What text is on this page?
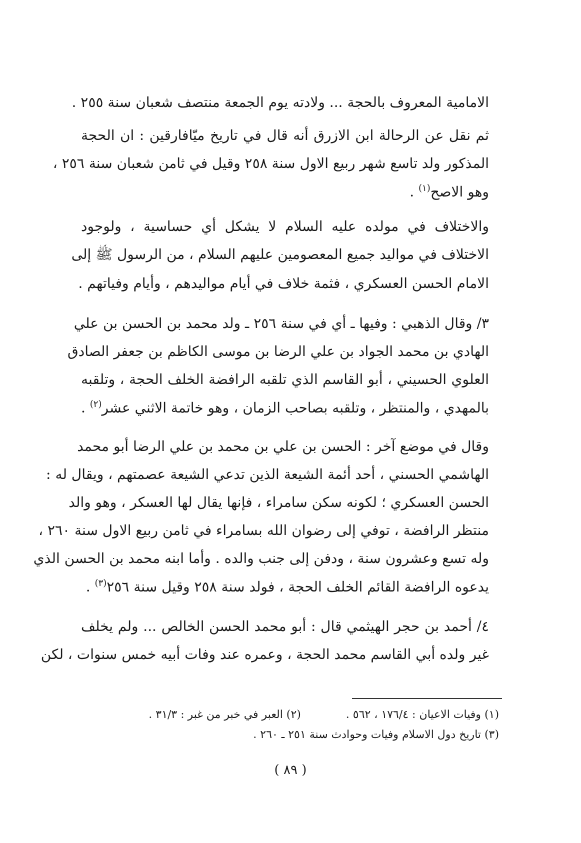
الامامية المعروف بالحجة ... ولادته يوم الجمعة منتصف شعبان سنة ٢٥٥ .
ثم نقل عن الرحالة ابن الازرق أنه قال في تاريخ ميّافارقين : ان الحجة
المذكور ولد تاسع شهر ربيع الاول سنة ٢٥٨ وقيل في ثامن شعبان سنة ٢٥٦ ،
وهو الاصح$^{(١)}$ .
والاختلاف في مولده عليه السلام لا يشكل أي حساسية ، ولوجود
الاختلاف في مواليد جميع المعصومين عليهم السلام ، من الرسول ﷺ إلى
الامام الحسن العسكري ، فثمة خلاف في أيام مواليدهم ، وأيام وفياتهم .
٣/ وقال الذهبي : وفيها ـ أي في سنة ٢٥٦ ـ ولد محمد بن الحسن بن علي
الهادي بن محمد الجواد بن علي الرضا بن موسى الكاظم بن جعفر الصادق
العلوي الحسيني ، أبو القاسم الذي تلقبه الرافضة الخلف الحجة ، وتلقبه
بالمهدي ، والمنتظر ، وتلقبه بصاحب الزمان ، وهو خاتمة الاثني عشر$^{(٢)}$ .
وقال في موضع آخر : الحسن بن علي بن محمد بن علي الرضا أبو محمد
الهاشمي الحسني ، أحد أئمة الشيعة الذين تدعي الشيعة عصمتهم ، ويقال له :
الحسن العسكري ؛ لكونه سكن سامراء ، فإنها يقال لها العسكر ، وهو والد
منتظر الرافضة ، توفي إلى رضوان الله بسامراء في ثامن ربيع الاول سنة ٢٦٠ ،
وله تسع وعشرون سنة ، ودفن إلى جنب والده . وأما ابنه محمد بن الحسن الذي
يدعوه الرافضة القائم الخلف الحجة ، فولد سنة ٢٥٨ وقيل سنة ٢٥٦$^{(٣)}$ .
٤/ أحمد بن حجر الهيثمي قال : أبو محمد الحسن الخالص ... ولم يخلف
غير ولده أبي القاسم محمد الحجة ، وعمره عند وفات أبيه خمس سنوات ، لكن
(١) وفيات الاعيان : ١٧٦/٤ ، ٥٦٢ .  (٢) العبر في خبر من غبر : ٣١/٣ .
(٣) تاريخ دول الاسلام وفيات وحوادث سنة ٢٥١ ـ ٢٦٠ .
( ٨٩ )
